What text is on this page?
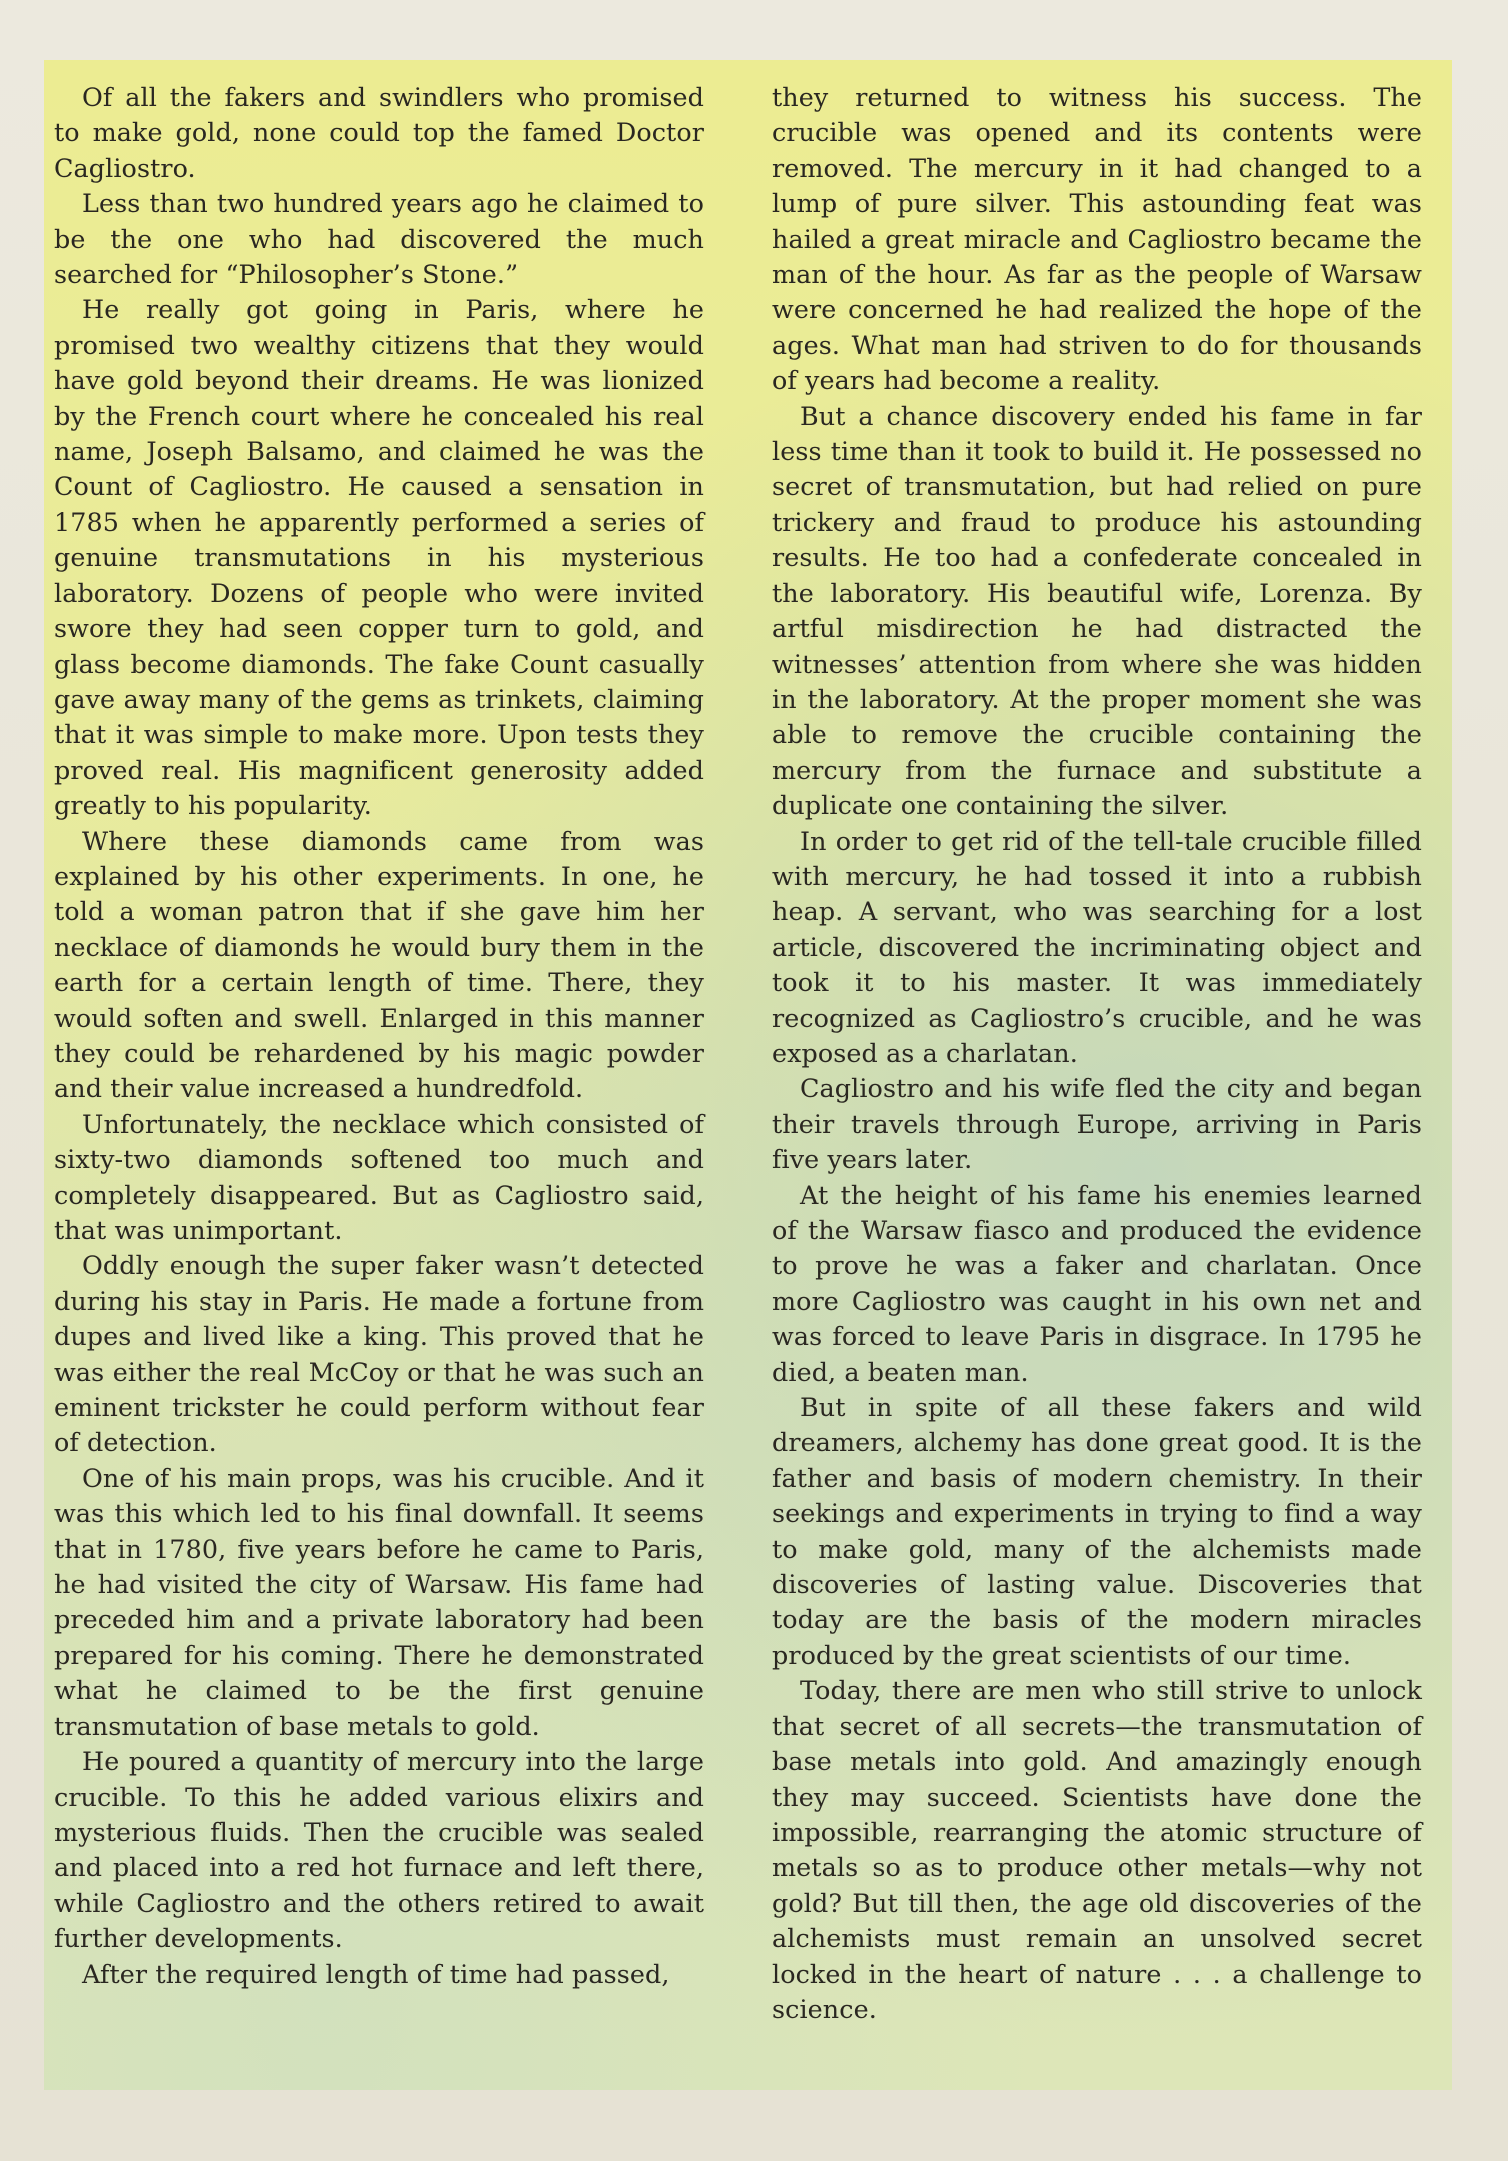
Of all the fakers and swindlers who promised to make gold, none could top the famed Doctor Cagliostro.

Less than two hundred years ago he claimed to be the one who had discovered the much searched for “Philosopher’s Stone.”

He really got going in Paris, where he promised two wealthy citizens that they would have gold beyond their dreams. He was lionized by the French court where he concealed his real name, Joseph Balsamo, and claimed he was the Count of Cagliostro. He caused a sensation in 1785 when he apparently performed a series of genuine transmutations in his mysterious laboratory. Dozens of people who were invited swore they had seen copper turn to gold, and glass become diamonds. The fake Count casually gave away many of the gems as trinkets, claiming that it was simple to make more. Upon tests they proved real. His magnificent generosity added greatly to his popularity.

Where these diamonds came from was explained by his other experiments. In one, he told a woman patron that if she gave him her necklace of diamonds he would bury them in the earth for a certain length of time. There, they would soften and swell. Enlarged in this manner they could be rehardened by his magic powder and their value increased a hundredfold.

Unfortunately, the necklace which consisted of sixty-two diamonds softened too much and completely disappeared. But as Cagliostro said, that was unimportant.

Oddly enough the super faker wasn’t detected during his stay in Paris. He made a fortune from dupes and lived like a king. This proved that he was either the real McCoy or that he was such an eminent trickster he could perform without fear of detection.

One of his main props, was his crucible. And it was this which led to his final downfall. It seems that in 1780, five years before he came to Paris, he had visited the city of Warsaw. His fame had preceded him and a private laboratory had been prepared for his coming. There he demonstrated what he claimed to be the first genuine transmutation of base metals to gold.

He poured a quantity of mercury into the large crucible. To this he added various elixirs and mysterious fluids. Then the crucible was sealed and placed into a red hot furnace and left there, while Cagliostro and the others retired to await further developments.

After the required length of time had passed,

they returned to witness his success. The crucible was opened and its contents were removed. The mercury in it had changed to a lump of pure silver. This astounding feat was hailed a great miracle and Cagliostro became the man of the hour. As far as the people of Warsaw were concerned he had realized the hope of the ages. What man had striven to do for thousands of years had become a reality.

But a chance discovery ended his fame in far less time than it took to build it. He possessed no secret of transmutation, but had relied on pure trickery and fraud to produce his astounding results. He too had a confederate concealed in the laboratory. His beautiful wife, Lorenza. By artful misdirection he had distracted the witnesses’ attention from where she was hidden in the laboratory. At the proper moment she was able to remove the crucible containing the mercury from the furnace and substitute a duplicate one containing the silver.

In order to get rid of the tell-tale crucible filled with mercury, he had tossed it into a rubbish heap. A servant, who was searching for a lost article, discovered the incriminating object and took it to his master. It was immediately recognized as Cagliostro’s crucible, and he was exposed as a charlatan.

Cagliostro and his wife fled the city and began their travels through Europe, arriving in Paris five years later.

At the height of his fame his enemies learned of the Warsaw fiasco and produced the evidence to prove he was a faker and charlatan. Once more Cagliostro was caught in his own net and was forced to leave Paris in disgrace. In 1795 he died, a beaten man.

But in spite of all these fakers and wild dreamers, alchemy has done great good. It is the father and basis of modern chemistry. In their seekings and experiments in trying to find a way to make gold, many of the alchemists made discoveries of lasting value. Discoveries that today are the basis of the modern miracles produced by the great scientists of our time.

Today, there are men who still strive to unlock that secret of all secrets—the transmutation of base metals into gold. And amazingly enough they may succeed. Scientists have done the impossible, rearranging the atomic structure of metals so as to produce other metals—why not gold? But till then, the age old discoveries of the alchemists must remain an unsolved secret locked in the heart of nature . . . a challenge to science.
